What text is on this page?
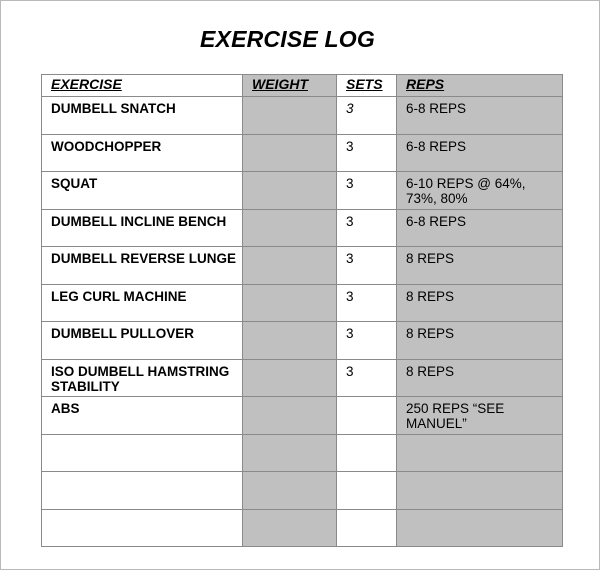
EXERCISE LOG
EXERCISE	WEIGHT	SETS	REPS
DUMBELL SNATCH		3	6-8 REPS
WOODCHOPPER		3	6-8 REPS
SQUAT		3	6-10 REPS @ 64%, 73%, 80%
DUMBELL INCLINE BENCH		3	6-8 REPS
DUMBELL REVERSE LUNGE		3	8 REPS
LEG CURL MACHINE		3	8 REPS
DUMBELL PULLOVER		3	8 REPS
ISO DUMBELL HAMSTRING STABILITY		3	8 REPS
ABS			250 REPS “SEE MANUEL”
